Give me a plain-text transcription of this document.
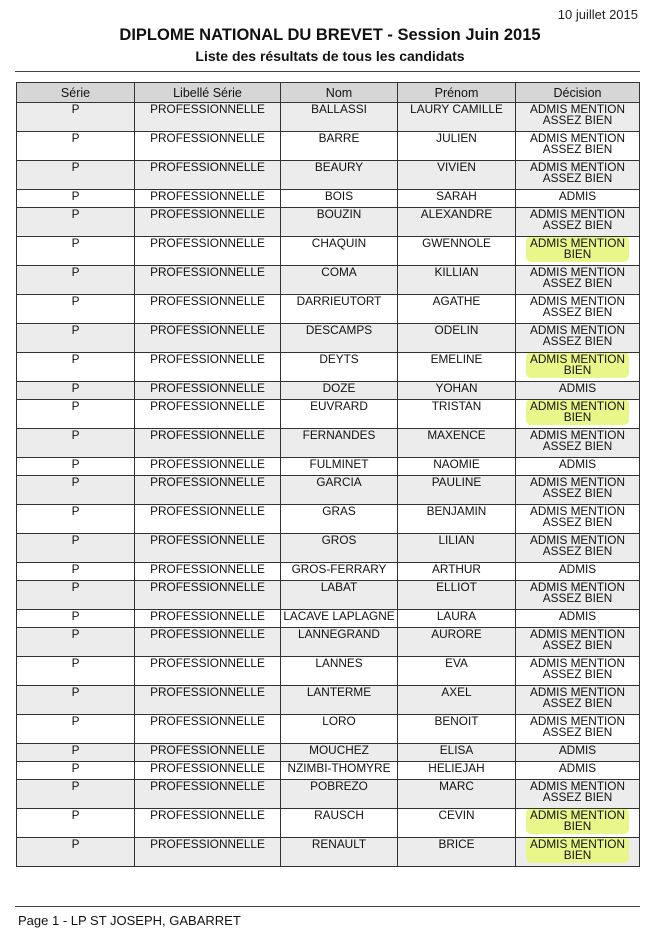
10 juillet 2015
DIPLOME NATIONAL DU BREVET - Session Juin 2015
Liste des résultats de tous les candidats
Série	Libellé Série	Nom	Prénom	Décision
P	PROFESSIONNELLE	BALLASSI	LAURY CAMILLE	ADMIS MENTION
ASSEZ BIEN
P	PROFESSIONNELLE	BARRE	JULIEN	ADMIS MENTION
ASSEZ BIEN
P	PROFESSIONNELLE	BEAURY	VIVIEN	ADMIS MENTION
ASSEZ BIEN
P	PROFESSIONNELLE	BOIS	SARAH	ADMIS
P	PROFESSIONNELLE	BOUZIN	ALEXANDRE	ADMIS MENTION
ASSEZ BIEN
P	PROFESSIONNELLE	CHAQUIN	GWENNOLE	ADMIS MENTION
BIEN
P	PROFESSIONNELLE	COMA	KILLIAN	ADMIS MENTION
ASSEZ BIEN
P	PROFESSIONNELLE	DARRIEUTORT	AGATHE	ADMIS MENTION
ASSEZ BIEN
P	PROFESSIONNELLE	DESCAMPS	ODELIN	ADMIS MENTION
ASSEZ BIEN
P	PROFESSIONNELLE	DEYTS	EMELINE	ADMIS MENTION
BIEN
P	PROFESSIONNELLE	DOZE	YOHAN	ADMIS
P	PROFESSIONNELLE	EUVRARD	TRISTAN	ADMIS MENTION
BIEN
P	PROFESSIONNELLE	FERNANDES	MAXENCE	ADMIS MENTION
ASSEZ BIEN
P	PROFESSIONNELLE	FULMINET	NAOMIE	ADMIS
P	PROFESSIONNELLE	GARCIA	PAULINE	ADMIS MENTION
ASSEZ BIEN
P	PROFESSIONNELLE	GRAS	BENJAMIN	ADMIS MENTION
ASSEZ BIEN
P	PROFESSIONNELLE	GROS	LILIAN	ADMIS MENTION
ASSEZ BIEN
P	PROFESSIONNELLE	GROS-FERRARY	ARTHUR	ADMIS
P	PROFESSIONNELLE	LABAT	ELLIOT	ADMIS MENTION
ASSEZ BIEN
P	PROFESSIONNELLE	LACAVE LAPLAGNE	LAURA	ADMIS
P	PROFESSIONNELLE	LANNEGRAND	AURORE	ADMIS MENTION
ASSEZ BIEN
P	PROFESSIONNELLE	LANNES	EVA	ADMIS MENTION
ASSEZ BIEN
P	PROFESSIONNELLE	LANTERME	AXEL	ADMIS MENTION
ASSEZ BIEN
P	PROFESSIONNELLE	LORO	BENOIT	ADMIS MENTION
ASSEZ BIEN
P	PROFESSIONNELLE	MOUCHEZ	ELISA	ADMIS
P	PROFESSIONNELLE	NZIMBI-THOMYRE	HELIEJAH	ADMIS
P	PROFESSIONNELLE	POBREZO	MARC	ADMIS MENTION
ASSEZ BIEN
P	PROFESSIONNELLE	RAUSCH	CEVIN	ADMIS MENTION
BIEN
P	PROFESSIONNELLE	RENAULT	BRICE	ADMIS MENTION
BIEN
Page 1 - LP ST JOSEPH, GABARRET
